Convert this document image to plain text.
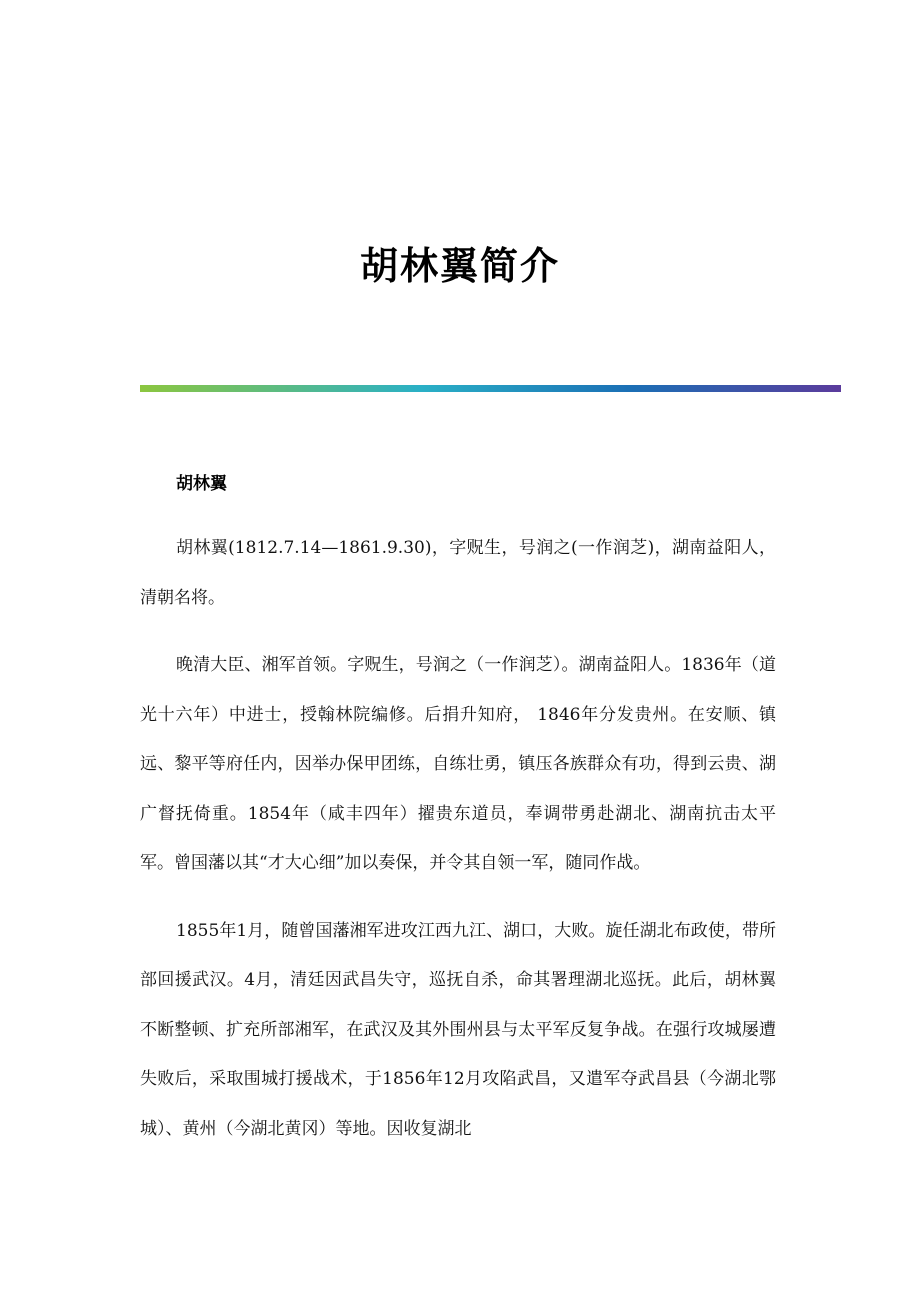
胡林翼简介
胡林翼

胡林翼(1812.7.14—1861.9.30)，字贶生，号润之(一作润芝)，湖南益阳人，清朝名将。

晚清大臣、湘军首领。字贶生，号润之（一作润芝）。湖南益阳人。1836年（道光十六年）中进士，授翰林院编修。后捐升知府， 1846年分发贵州。在安顺、镇远、黎平等府任内，因举办保甲团练，自练壮勇，镇压各族群众有功，得到云贵、湖广督抚倚重。1854年（咸丰四年）擢贵东道员，奉调带勇赴湖北、湖南抗击太平军。曾国藩以其“才大心细”加以奏保，并令其自领一军，随同作战。

1855年1月，随曾国藩湘军进攻江西九江、湖口，大败。旋任湖北布政使，带所部回援武汉。4月，清廷因武昌失守，巡抚自杀，命其署理湖北巡抚。此后，胡林翼不断整顿、扩充所部湘军，在武汉及其外围州县与太平军反复争战。在强行攻城屡遭失败后，采取围城打援战术，于1856年12月攻陷武昌，又遣军夺武昌县（今湖北鄂城）、黄州（今湖北黄冈）等地。因收复湖北
